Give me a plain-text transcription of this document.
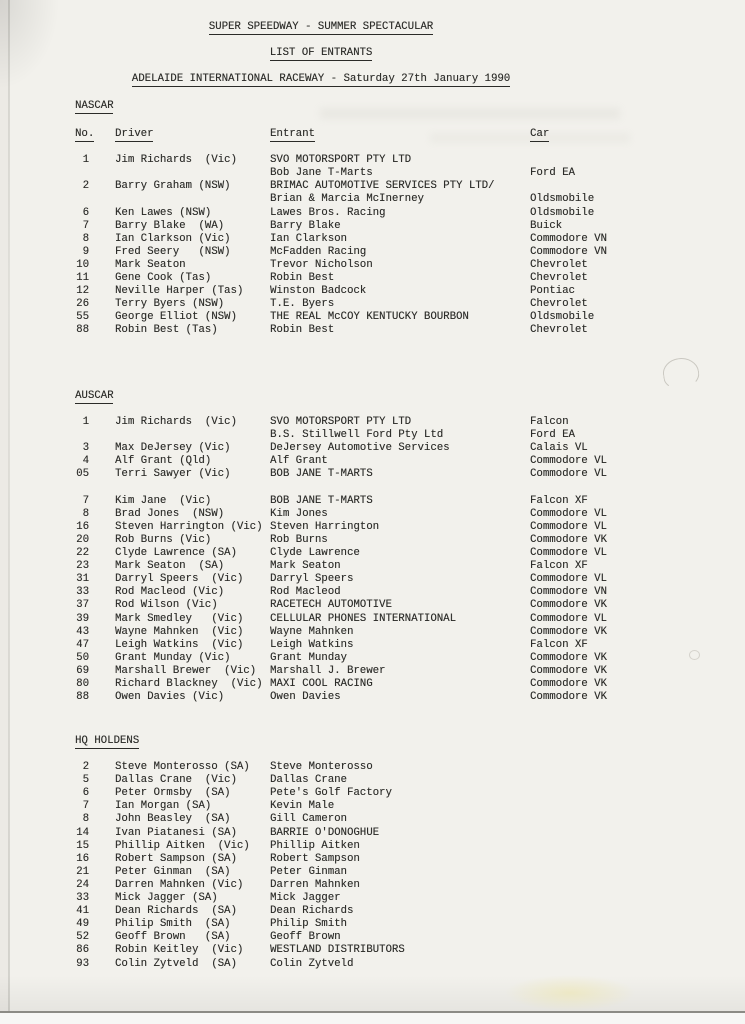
SUPER SPEEDWAY - SUMMER SPECTACULAR
LIST OF ENTRANTS
ADELAIDE INTERNATIONAL RACEWAY - Saturday 27th January 1990
NASCAR
No. Driver	Entrant	Car
1 Jim Richards  (Vic)	SVO MOTORSPORT PTY LTD
Bob Jane T-Marts	Ford EA
2 Barry Graham (NSW)	BRIMAC AUTOMOTIVE SERVICES PTY LTD/
Brian & Marcia McInerney	Oldsmobile
6 Ken Lawes (NSW)	Lawes Bros. Racing	Oldsmobile
7 Barry Blake  (WA)	Barry Blake	Buick
8 Ian Clarkson (Vic)	Ian Clarkson	Commodore VN
9 Fred Seery   (NSW)	McFadden Racing	Commodore VN
10 Mark Seaton	Trevor Nicholson	Chevrolet
11 Gene Cook (Tas)	Robin Best	Chevrolet
12 Neville Harper (Tas)	Winston Badcock	Pontiac
26 Terry Byers (NSW)	T.E. Byers	Chevrolet
55 George Elliot (NSW)	THE REAL McCOY KENTUCKY BOURBON	Oldsmobile
88 Robin Best (Tas)	Robin Best	Chevrolet
AUSCAR
1 Jim Richards  (Vic)	SVO MOTORSPORT PTY LTD	Falcon
B.S. Stillwell Ford Pty Ltd	Ford EA
3 Max DeJersey (Vic)	DeJersey Automotive Services	Calais VL
4 Alf Grant (Qld)	Alf Grant	Commodore VL
05 Terri Sawyer (Vic)	BOB JANE T-MARTS	Commodore VL
7 Kim Jane  (Vic)	BOB JANE T-MARTS	Falcon XF
8 Brad Jones  (NSW)	Kim Jones	Commodore VL
16 Steven Harrington (Vic) Steven Harrington	Commodore VL
20 Rob Burns (Vic)	Rob Burns	Commodore VK
22 Clyde Lawrence (SA)	Clyde Lawrence	Commodore VL
23 Mark Seaton  (SA)	Mark Seaton	Falcon XF
31 Darryl Speers  (Vic)	Darryl Speers	Commodore VL
33 Rod Macleod (Vic)	Rod Macleod	Commodore VN
37 Rod Wilson (Vic)	RACETECH AUTOMOTIVE	Commodore VK
39 Mark Smedley   (Vic)	CELLULAR PHONES INTERNATIONAL	Commodore VL
43 Wayne Mahnken  (Vic)	Wayne Mahnken	Commodore VK
47 Leigh Watkins  (Vic)	Leigh Watkins	Falcon XF
50 Grant Munday (Vic)	Grant Munday	Commodore VK
69 Marshall Brewer  (Vic)	Marshall J. Brewer	Commodore VK
80 Richard Blackney  (Vic) MAXI COOL RACING	Commodore VK
88 Owen Davies (Vic)	Owen Davies	Commodore VK
HQ HOLDENS
2 Steve Monterosso (SA)	Steve Monterosso
5 Dallas Crane  (Vic)	Dallas Crane
6 Peter Ormsby  (SA)	Pete's Golf Factory
7 Ian Morgan (SA)	Kevin Male
8 John Beasley  (SA)	Gill Cameron
14 Ivan Piatanesi (SA)	BARRIE O'DONOGHUE
15 Phillip Aitken  (Vic)	Phillip Aitken
16 Robert Sampson (SA)	Robert Sampson
21 Peter Ginman  (SA)	Peter Ginman
24 Darren Mahnken (Vic)	Darren Mahnken
33 Mick Jagger (SA)	Mick Jagger
41 Dean Richards  (SA)	Dean Richards
49 Philip Smith  (SA)	Philip Smith
52 Geoff Brown   (SA)	Geoff Brown
86 Robin Keitley  (Vic)	WESTLAND DISTRIBUTORS
93 Colin Zytveld  (SA)	Colin Zytveld
